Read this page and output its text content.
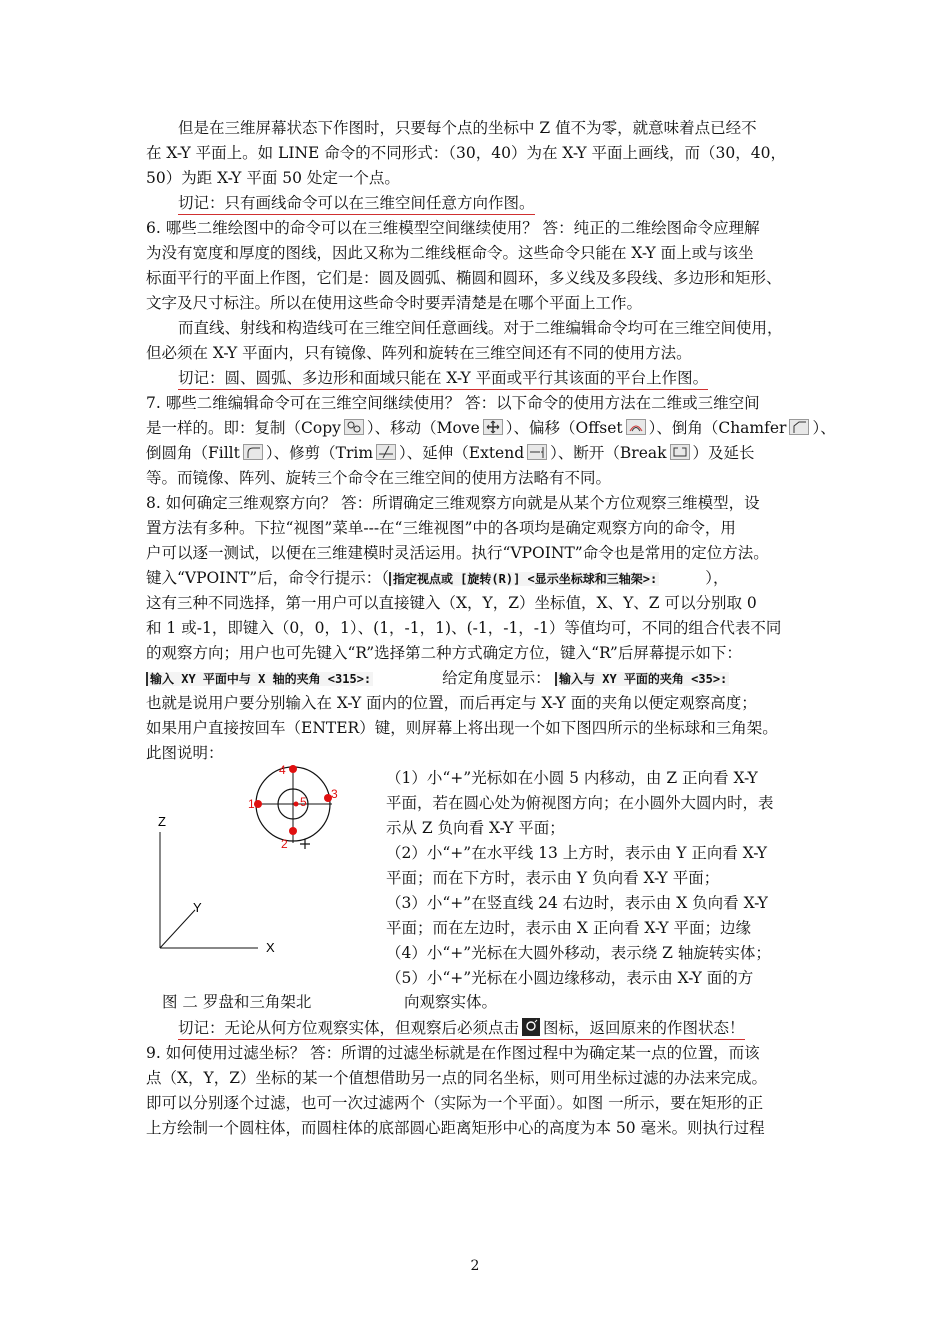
但是在三维屏幕状态下作图时，只要每个点的坐标中 Z 值不为零，就意味着点已经不
在 X-Y 平面上。如 LINE 命令的不同形式：（30，40）为在 X-Y 平面上画线，而（30，40，
50）为距 X-Y 平面 50 处定一个点。
切记：只有画线命令可以在三维空间任意方向作图。
6. 哪些二维绘图中的命令可以在三维模型空间继续使用？ 答：纯正的二维绘图命令应理解
为没有宽度和厚度的图线，因此又称为二维线框命令。这些命令只能在 X-Y 面上或与该坐
标面平行的平面上作图，它们是：圆及圆弧、椭圆和圆环，多义线及多段线、多边形和矩形、
文字及尺寸标注。所以在使用这些命令时要弄清楚是在哪个平面上工作。
而直线、射线和构造线可在三维空间任意画线。对于二维编辑命令均可在三维空间使用，
但必须在 X-Y 平面内，只有镜像、阵列和旋转在三维空间还有不同的使用方法。
切记：圆、圆弧、多边形和面域只能在 X-Y 平面或平行其该面的平台上作图。
7. 哪些二维编辑命令可在三维空间继续使用？ 答：以下命令的使用方法在二维或三维空间
是一样的。即：复制（Copy ）、移动（Move ）、偏移（Offset ）、倒角（Chamfer ）、
倒圆角（Fillt ）、修剪（Trim ）、延伸（Extend ）、断开（Break ）及延长
等。而镜像、阵列、旋转三个命令在三维空间的使用方法略有不同。
8. 如何确定三维观察方向？ 答：所谓确定三维观察方向就是从某个方位观察三维模型，设
置方法有多种。下拉“视图”菜单---在“三维视图”中的各项均是确定观察方向的命令，用
户可以逐一测试，以便在三维建模时灵活运用。执行“VPOINT”命令也是常用的定位方法。
键入“VPOINT”后，命令行提示：（ 指定视点或 [旋转(R)] <显示坐标球和三轴架>:	），
这有三种不同选择，第一用户可以直接键入（X，Y，Z）坐标值，X、Y、Z 可以分别取 0
和 1 或-1，即键入（0，0，1）、(1，-1，1)、(-1，-1，-1）等值均可，不同的组合代表不同
的观察方向；用户也可先键入“R”选择第二种方式确定方位，键入“R”后屏幕提示如下：
输入 XY 平面中与 X 轴的夹角 <315>:	给定角度显示： 输入与 XY 平面的夹角 <35>:
也就是说用户要分别输入在 X-Y 面内的位置，而后再定与 X-Y 面的夹角以便定观察高度；
如果用户直接按回车（ENTER）键，则屏幕上将出现一个如下图四所示的坐标球和三角架。
此图说明：
4
1
3
2
5
Z
Y
X
图 二 罗盘和三角架北
（1）小“+”光标如在小圆 5 内移动，由 Z 正向看 X-Y
平面，若在圆心处为俯视图方向；在小圆外大圆内时，表
示从 Z 负向看 X-Y 平面；
（2）小“+”在水平线 13 上方时，表示由 Y 正向看 X-Y
平面；而在下方时，表示由 Y 负向看 X-Y 平面；
（3）小“+”在竖直线 24 右边时，表示由 X 负向看 X-Y
平面；而在左边时，表示由 X 正向看 X-Y 平面；边缘
（4）小“+”光标在大圆外移动，表示绕 Z 轴旋转实体；
（5）小“+”光标在小圆边缘移动，表示由 X-Y 面的方
向观察实体。
切记：无论从何方位观察实体，但观察后必须点击 图标，返回原来的作图状态！
9. 如何使用过滤坐标？ 答：所谓的过滤坐标就是在作图过程中为确定某一点的位置，而该
点（X，Y，Z）坐标的某一个值想借助另一点的同名坐标，则可用坐标过滤的办法来完成。
即可以分别逐个过滤，也可一次过滤两个（实际为一个平面）。如图 一所示，要在矩形的正
上方绘制一个圆柱体，而圆柱体的底部圆心距离矩形中心的高度为本 50 毫米。则执行过程
2
